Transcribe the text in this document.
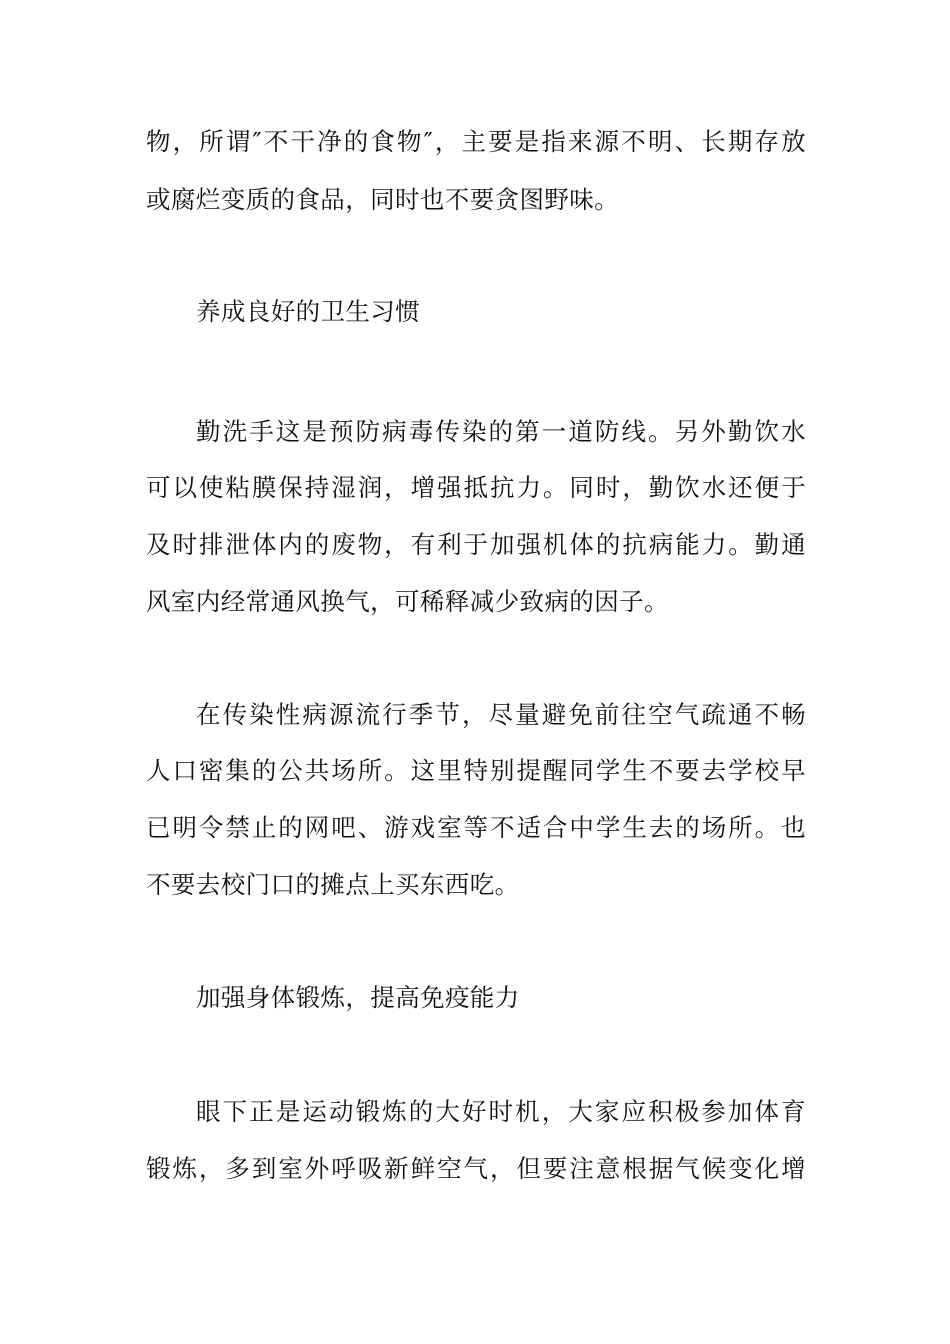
物，所谓″不干净的食物″，主要是指来源不明、长期存放
或腐烂变质的食品，同时也不要贪图野味。
养成良好的卫生习惯
勤洗手这是预防病毒传染的第一道防线。另外勤饮水
可以使粘膜保持湿润，增强抵抗力。同时，勤饮水还便于
及时排泄体内的废物，有利于加强机体的抗病能力。勤通
风室内经常通风换气，可稀释减少致病的因子。
在传染性病源流行季节，尽量避免前往空气疏通不畅
人口密集的公共场所。这里特别提醒同学生不要去学校早
已明令禁止的网吧、游戏室等不适合中学生去的场所。也
不要去校门口的摊点上买东西吃。
加强身体锻炼，提高免疫能力
眼下正是运动锻炼的大好时机，大家应积极参加体育
锻炼，多到室外呼吸新鲜空气，但要注意根据气候变化增
